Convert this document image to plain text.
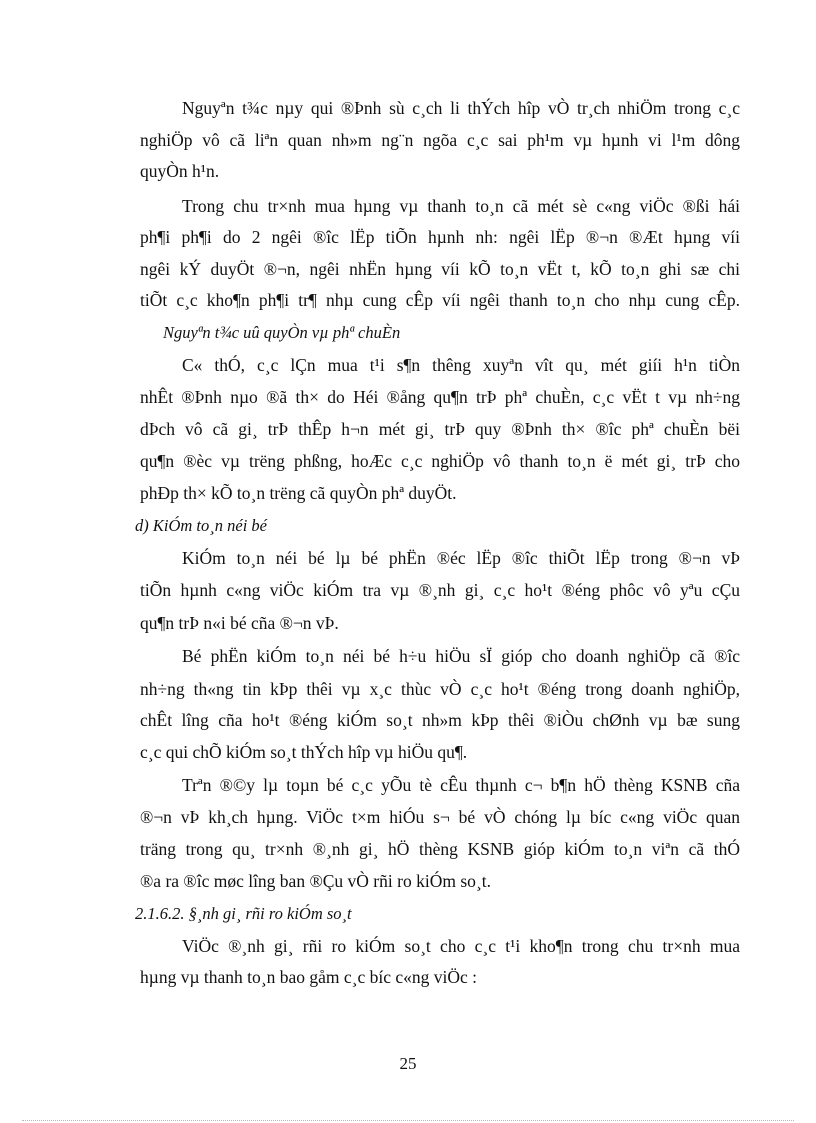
Nguyªn t¾c nµy qui ®Þnh sù c¸ch li thÝch hîp vÒ tr¸ch nhiÖm trong c¸c
nghiÖp vô cã liªn quan nh»m ng¨n ngõa c¸c sai ph¹m vµ hµnh vi l¹m dông
quyÒn h¹n.
Trong chu tr×nh mua hµng vµ thanh to¸n cã mét sè c«ng viÖc ®ßi hái
ph¶i ph¶i do 2 ngêi ®îc lËp tiÕn hµnh nh: ngêi lËp ®¬n ®Æt hµng víi
ngêi kÝ duyÖt ®¬n, ngêi nhËn hµng víi kÕ to¸n vËt t, kÕ to¸n ghi sæ chi
tiÕt c¸c kho¶n ph¶i tr¶ nhµ cung cÊp víi ngêi thanh to¸n cho nhµ cung cÊp.
Nguyªn t¾c uû quyÒn vµ phª chuÈn
C« thÓ, c¸c lÇn mua t¹i s¶n thêng xuyªn vît qu¸ mét giíi h¹n tiÒn
nhÊt ®Þnh nµo ®ã th× do Héi ®ång qu¶n trÞ phª chuÈn, c¸c vËt t vµ nh÷ng
dÞch vô cã gi¸ trÞ thÊp h¬n mét gi¸ trÞ quy ®Þnh th× ®îc phª chuÈn bëi
qu¶n ®èc vµ trëng phßng, hoÆc c¸c nghiÖp vô thanh to¸n ë mét gi¸ trÞ cho
phÐp th× kÕ to¸n trëng cã quyÒn phª duyÖt.
d) KiÓm to¸n néi bé
KiÓm to¸n néi bé lµ bé phËn ®éc lËp ®îc thiÕt lËp trong ®¬n vÞ
tiÕn hµnh c«ng viÖc kiÓm tra vµ ®¸nh gi¸ c¸c ho¹t ®éng phôc vô yªu cÇu
qu¶n trÞ n«i bé cña ®¬n vÞ.
Bé phËn kiÓm to¸n néi bé h÷u hiÖu sÏ gióp cho doanh nghiÖp cã ®îc
nh÷ng th«ng tin kÞp thêi vµ x¸c thùc vÒ c¸c ho¹t ®éng trong doanh nghiÖp,
chÊt lîng cña ho¹t ®éng kiÓm so¸t nh»m kÞp thêi ®iÒu chØnh vµ bæ sung
c¸c qui chÕ kiÓm so¸t thÝch hîp vµ hiÖu qu¶.
Trªn ®©y lµ toµn bé c¸c yÕu tè cÊu thµnh c¬ b¶n hÖ thèng KSNB cña
®¬n vÞ kh¸ch hµng. ViÖc t×m hiÓu s¬ bé vÒ chóng lµ bíc c«ng viÖc quan
träng trong qu¸ tr×nh ®¸nh gi¸ hÖ thèng KSNB gióp kiÓm to¸n viªn cã thÓ
®a ra ®îc møc lîng ban ®Çu vÒ rñi ro kiÓm so¸t.
2.1.6.2. §¸nh gi¸ rñi ro kiÓm so¸t
ViÖc ®¸nh gi¸ rñi ro kiÓm so¸t cho c¸c t¹i kho¶n trong chu tr×nh mua
hµng vµ thanh to¸n bao gåm c¸c bíc c«ng viÖc :
25
